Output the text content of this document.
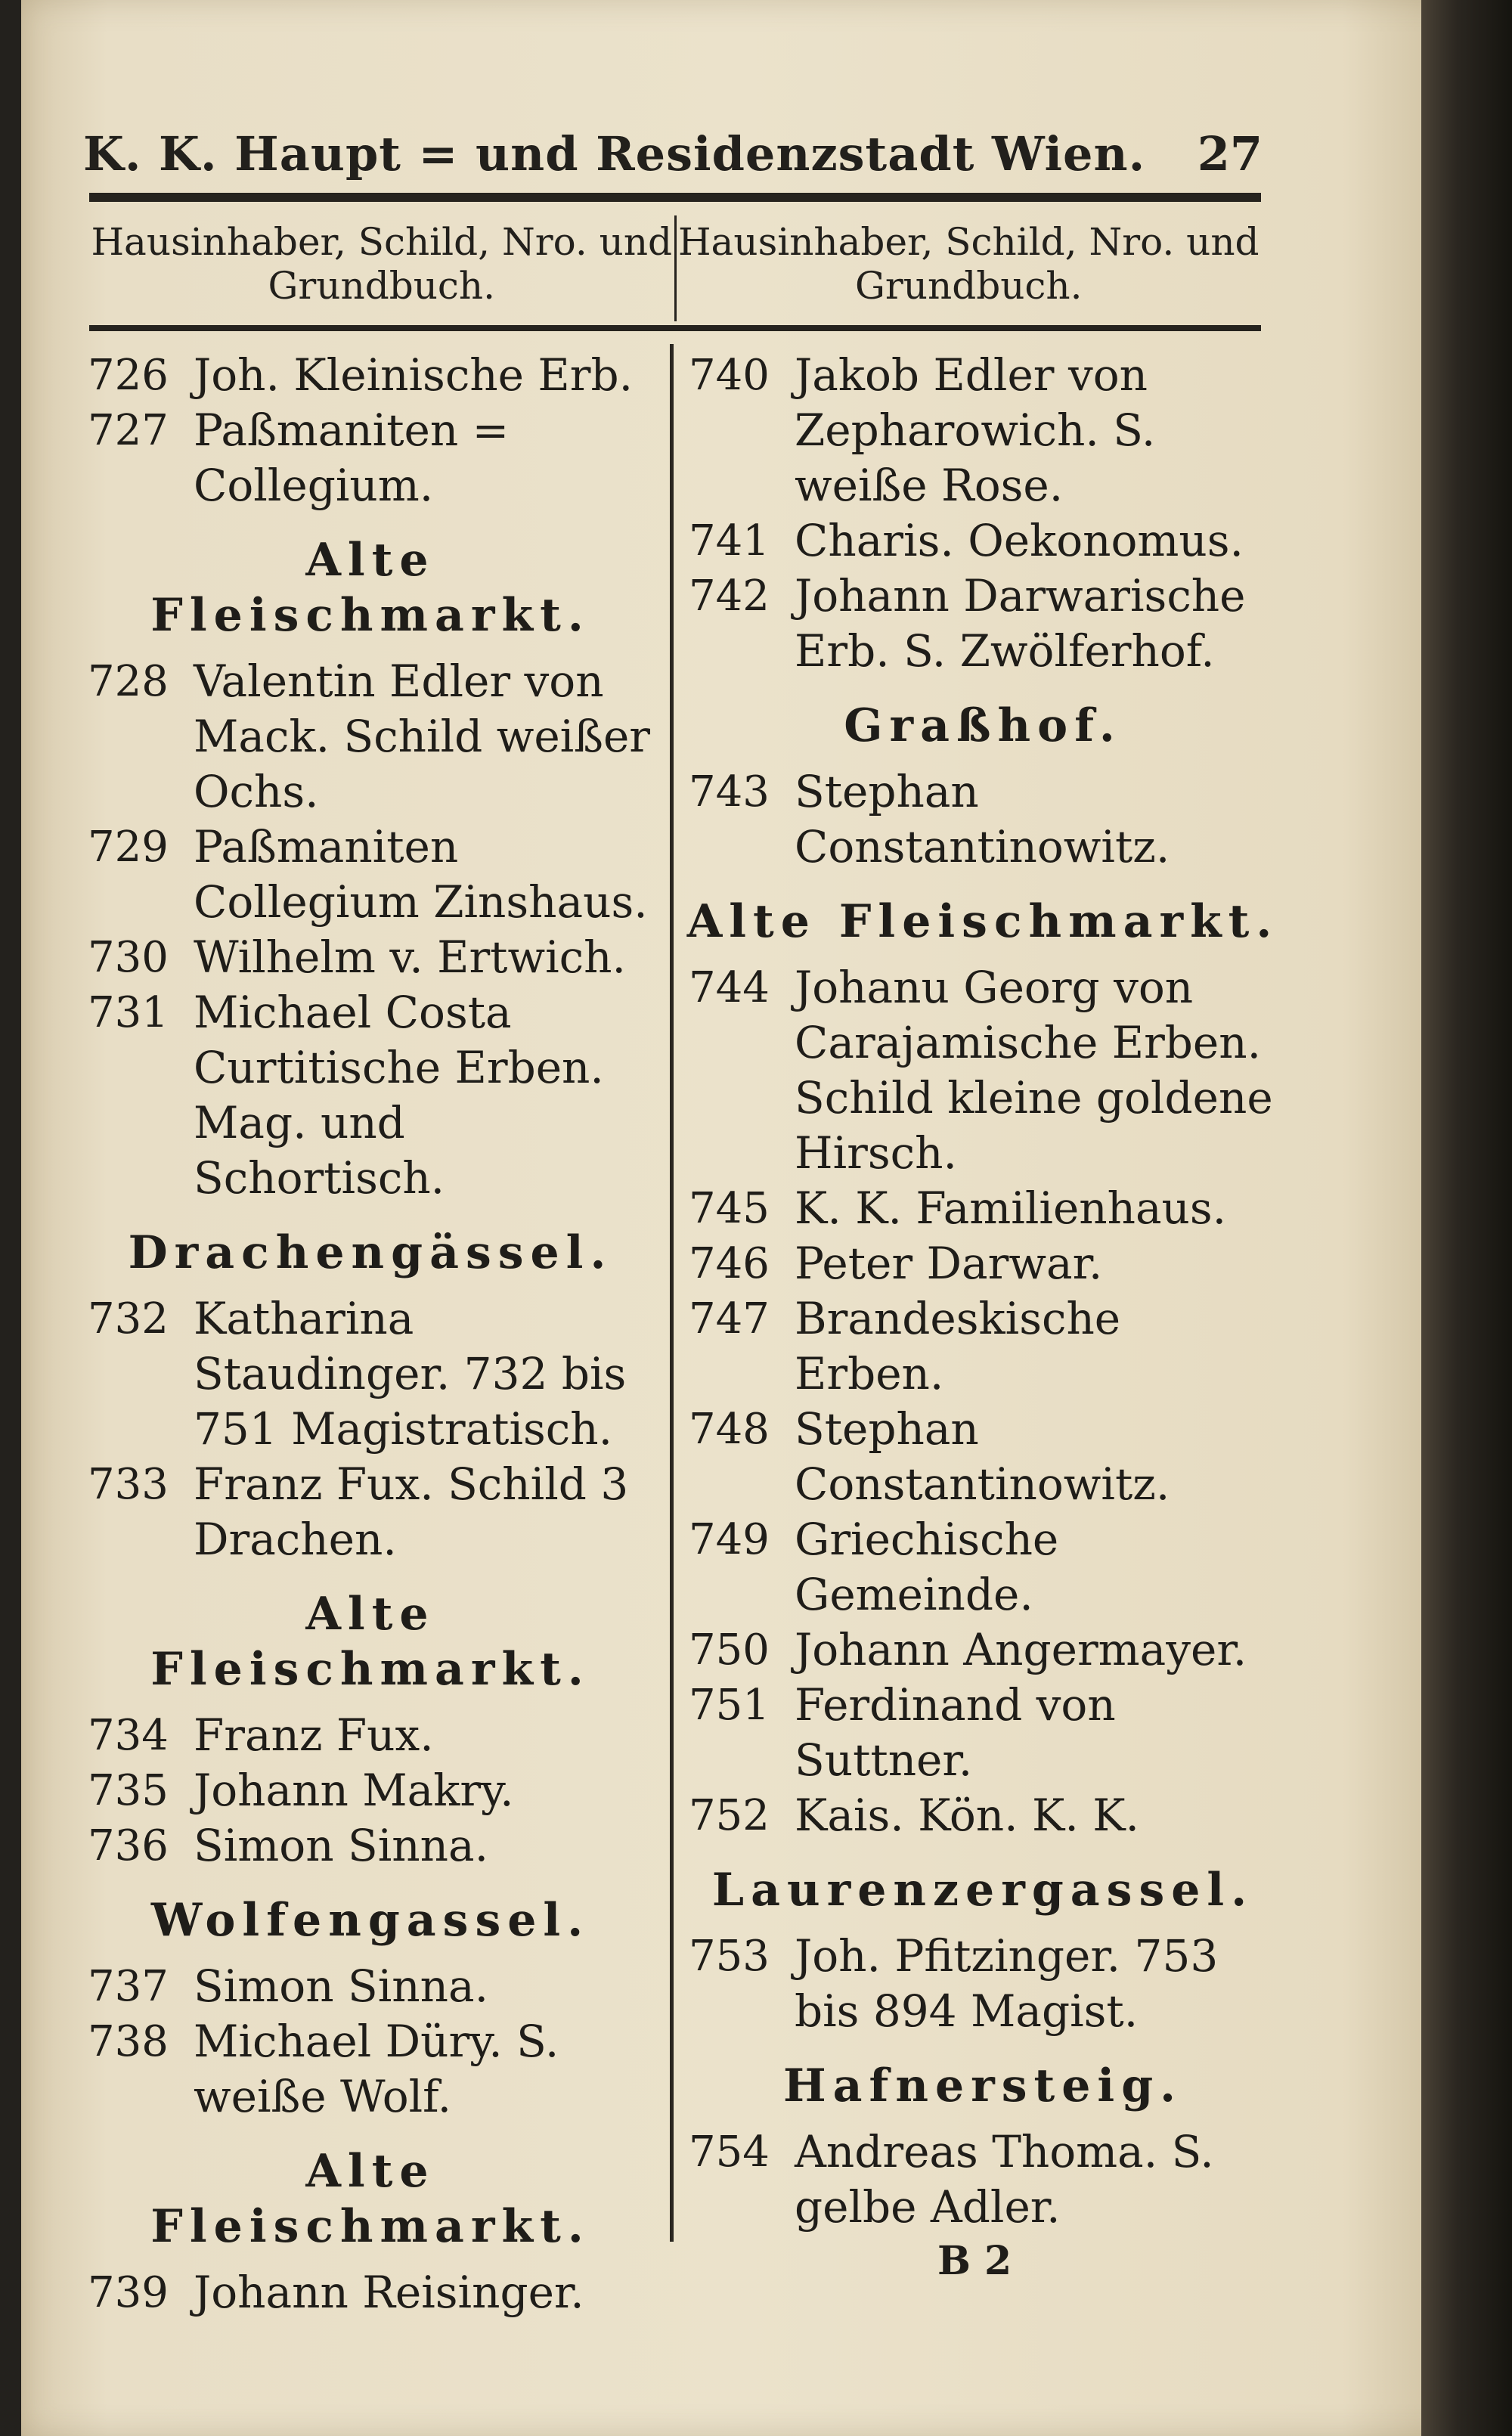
K. K. Haupt = und Residenzstadt Wien. 27
Hausinhaber, Schild, Nro. und Grundbuch.
Hausinhaber, Schild, Nro. und Grundbuch.
726 Joh. Kleinische Erb.
727 Paßmaniten = Collegium.
Alte Fleischmarkt.
728 Valentin Edler von Mack. Schild weißer Ochs.
729 Paßmaniten Collegium Zinshaus.
730 Wilhelm v. Ertwich.
731 Michael Costa Curtitische Erben. Mag. und Schortisch.
Drachengässel.
732 Katharina Staudinger. 732 bis 751 Magistratisch.
733 Franz Fux. Schild 3 Drachen.
Alte Fleischmarkt.
734 Franz Fux.
735 Johann Makry.
736 Simon Sinna.
Wolfengassel.
737 Simon Sinna.
738 Michael Düry. S. weiße Wolf.
Alte Fleischmarkt.
739 Johann Reisinger.
740 Jakob Edler von Zepharowich. S. weiße Rose.
741 Charis. Oekonomus.
742 Johann Darwarische Erb. S. Zwölferhof.
Graßhof.
743 Stephan Constantinowitz.
Alte Fleischmarkt.
744 Johanu Georg von Carajamische Erben. Schild kleine goldene Hirsch.
745 K. K. Familienhaus.
746 Peter Darwar.
747 Brandeskische Erben.
748 Stephan Constantinowitz.
749 Griechische Gemeinde.
750 Johann Angermayer.
751 Ferdinand von Suttner.
752 Kais. Kön. K. K.
Laurenzergassel.
753 Joh. Pfitzinger. 753 bis 894 Magist.
Hafnersteig.
754 Andreas Thoma. S. gelbe Adler.
B 2
